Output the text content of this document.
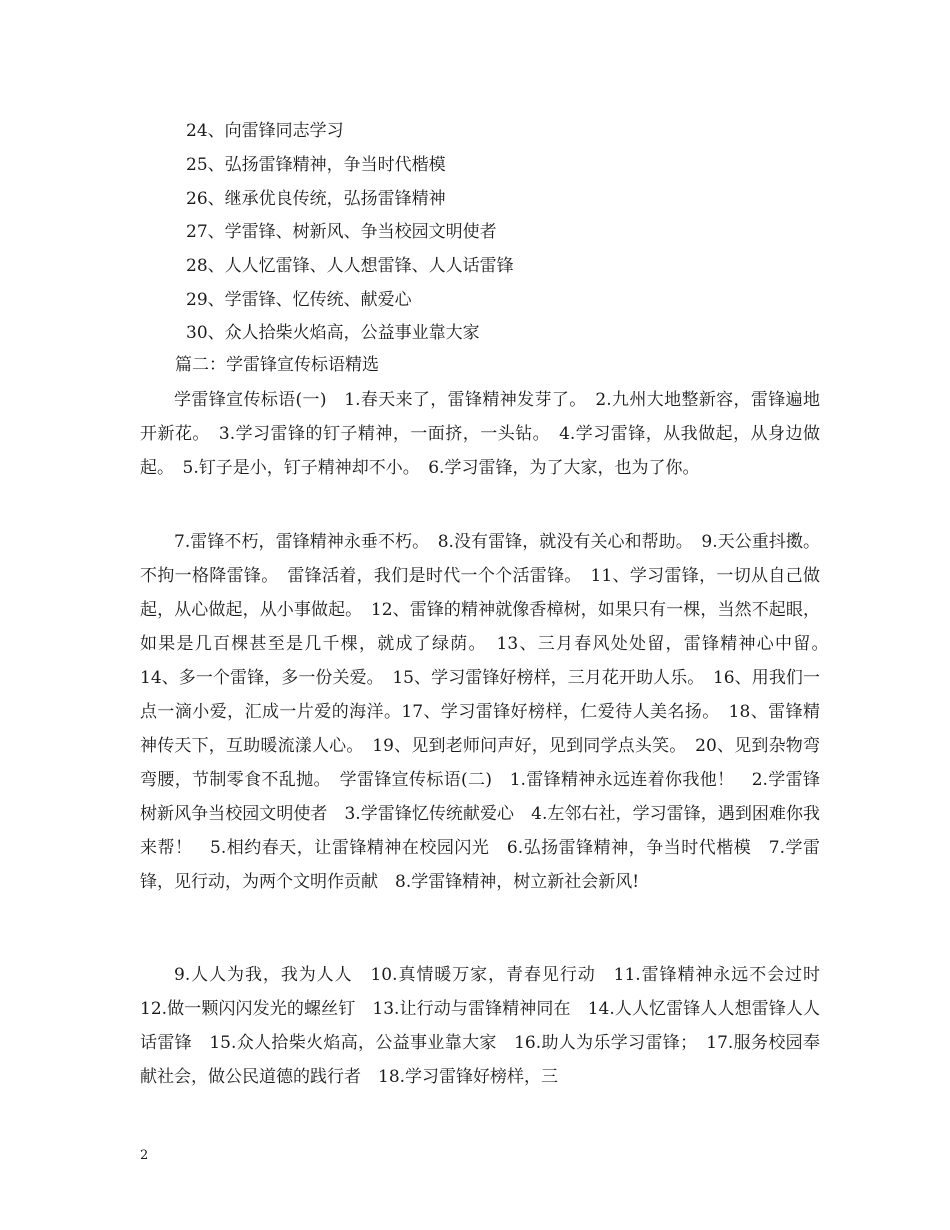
24、向雷锋同志学习
25、弘扬雷锋精神，争当时代楷模
26、继承优良传统，弘扬雷锋精神
27、学雷锋、树新风、争当校园文明使者
28、人人忆雷锋、人人想雷锋、人人话雷锋
29、学雷锋、忆传统、献爱心
30、众人拾柴火焰高，公益事业靠大家
篇二：学雷锋宣传标语精选

学雷锋宣传标语(一)　1.春天来了，雷锋精神发芽了。　2.九州大地整新容，雷锋遍地开新花。　3.学习雷锋的钉子精神，一面挤，一头钻。　4.学习雷锋，从我做起，从身边做起。　5.钉子是小，钉子精神却不小。　6.学习雷锋，为了大家，也为了你。

7.雷锋不朽，雷锋精神永垂不朽。　8.没有雷锋，就没有关心和帮助。　9.天公重抖擞。不拘一格降雷锋。　雷锋活着，我们是时代一个个活雷锋。　11、学习雷锋，一切从自己做起，从心做起，从小事做起。　12、雷锋的精神就像香樟树，如果只有一棵，当然不起眼，如果是几百棵甚至是几千棵，就成了绿荫。　13、三月春风处处留，雷锋精神心中留。　14、多一个雷锋，多一份关爱。　15、学习雷锋好榜样，三月花开助人乐。　16、用我们一点一滴小爱，汇成一片爱的海洋。17、学习雷锋好榜样，仁爱待人美名扬。　18、雷锋精神传天下，互助暖流漾人心。　19、见到老师问声好，见到同学点头笑。　20、见到杂物弯弯腰，节制零食不乱抛。　学雷锋宣传标语(二)　1.雷锋精神永远连着你我他！　2.学雷锋树新风争当校园文明使者　3.学雷锋忆传统献爱心　4.左邻右社，学习雷锋，遇到困难你我来帮！　5.相约春天，让雷锋精神在校园闪光　6.弘扬雷锋精神，争当时代楷模　7.学雷锋，见行动，为两个文明作贡献　8.学雷锋精神，树立新社会新风!

9.人人为我，我为人人　10.真情暖万家，青春见行动　11.雷锋精神永远不会过时　12.做一颗闪闪发光的螺丝钉　13.让行动与雷锋精神同在　14.人人忆雷锋人人想雷锋人人话雷锋　15.众人拾柴火焰高，公益事业靠大家　16.助人为乐学习雷锋；　17.服务校园奉献社会，做公民道德的践行者　18.学习雷锋好榜样，三

2
